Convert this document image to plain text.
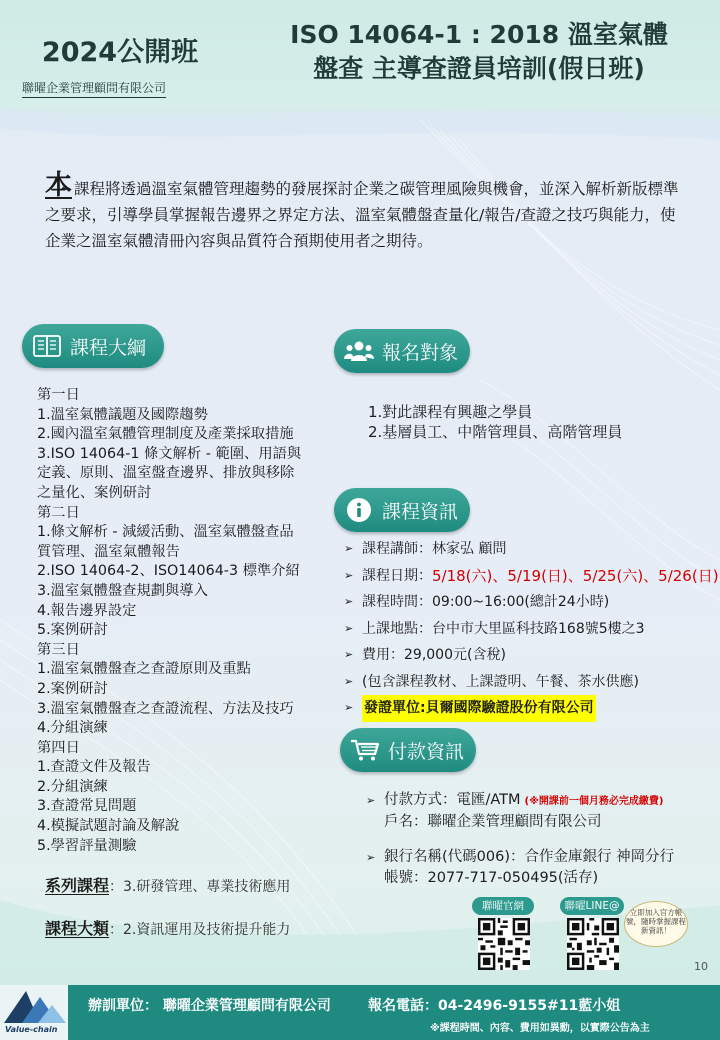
2024公開班
聯曜企業管理顧問有限公司
ISO 14064-1 : 2018 溫室氣體
盤查 主導查證員培訓(假日班)
本課程將透過溫室氣體管理趨勢的發展探討企業之碳管理風險與機會，並深入解析新版標準之要求，引導學員掌握報告邊界之界定方法、溫室氣體盤查量化/報告/查證之技巧與能力，使企業之溫室氣體清冊內容與品質符合預期使用者之期待。
課程大綱	報名對象
課程資訊
付款資訊
第一日
1.溫室氣體議題及國際趨勢
2.國內溫室氣體管理制度及產業採取措施
3.ISO 14064-1 條文解析 - 範圍、用語與
定義、原則、溫室盤查邊界、排放與移除
之量化、案例研討
第二日
1.條文解析 - 減緩活動、溫室氣體盤查品
質管理、溫室氣體報告
2.ISO 14064-2、ISO14064-3 標準介紹
3.溫室氣體盤查規劃與導入
4.報告邊界設定
5.案例研討
第三日
1.溫室氣體盤查之查證原則及重點
2.案例研討
3.溫室氣體盤查之查證流程、方法及技巧
4.分組演練
第四日
1.查證文件及報告
2.分組演練
3.查證常見問題
4.模擬試題討論及解說
5.學習評量測驗
1.對此課程有興趣之學員
2.基層員工、中階管理員、高階管理員
➢ 課程講師：林家弘 顧問
➢ 課程日期： 5/18(六)、5/19(日)、5/25(六)、5/26(日)
➢ 課程時間：09:00~16:00(總計24小時)
➢ 上課地點：台中市大里區科技路168號5樓之3
➢ 費用：29,000元(含稅)
➢ (包含課程教材、上課證明、午餐、茶水供應)
➢ 發證單位:貝爾國際驗證股份有限公司
➢ 付款方式：電匯/ATM (※開課前一個月務必完成繳費)
戶名：聯曜企業管理顧問有限公司
➢ 銀行名稱(代碼006)：合作金庫銀行 神岡分行
帳號：2077-717-050495(活存)
系列課程：3.研發管理、專業技術應用
課程大類：2.資訊運用及技術提升能力
聯曜官網	聯曜LINE@
立即加入官方帳號，隨時掌握課程新資訊！
10
Value-chain
辦訓單位： 聯曜企業管理顧問有限公司	報名電話：04-2496-9155#11藍小姐
※課程時間、內容、費用如異動，以實際公告為主
